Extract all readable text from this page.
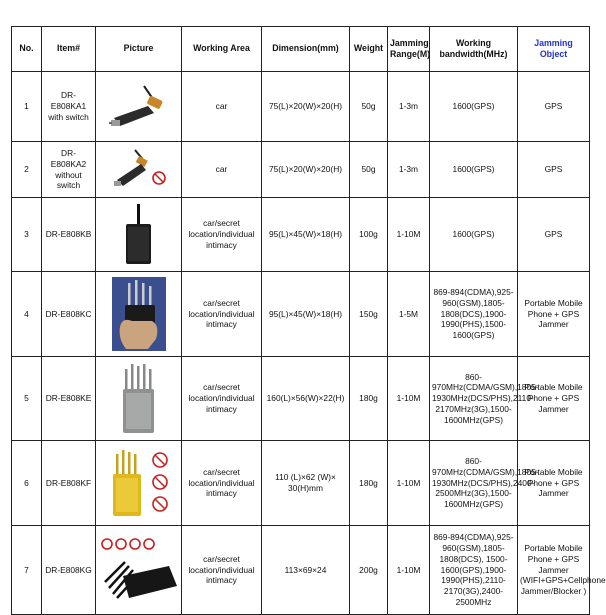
No.	Item#	Picture	Working Area	Dimension(mm)	Weight	Jamming Range(M)	Working bandwidth(MHz)	Jamming Object
1	DR-E808KA1 with switch		car	75(L)×20(W)×20(H)	50g	1-3m	1600(GPS)	GPS
2	DR-E808KA2 without switch		car	75(L)×20(W)×20(H)	50g	1-3m	1600(GPS)	GPS
3	DR-E808KB		car/secret location/individual intimacy	95(L)×45(W)×18(H)	100g	1-10M	1600(GPS)	GPS
4	DR-E808KC		car/secret location/individual intimacy	95(L)×45(W)×18(H)	150g	1-5M	869-894(CDMA),925-960(GSM),1805-1808(DCS),1900-1990(PHS),1500-1600(GPS)	Portable Mobile Phone + GPS Jammer
5	DR-E808KE		car/secret location/individual intimacy	160(L)×56(W)×22(H)	180g	1-10M	860-970MHz(CDMA/GSM),1805-1930MHz(DCS/PHS),2110-2170MHz(3G),1500-1600MHz(GPS)	Portable Mobile Phone + GPS Jammer
6	DR-E808KF		car/secret location/individual intimacy	110 (L)×62 (W)× 30(H)mm	180g	1-10M	860-970MHz(CDMA/GSM),1805-1930MHz(DCS/PHS),2400-2500MHz(3G),1500-1600MHz(GPS)	Portable Mobile Phone + GPS Jammer
7	DR-E808KG		car/secret location/individual intimacy	113×69×24	200g	1-10M	869-894(CDMA),925-960(GSM),1805-1808(DCS), 1500-1600(GPS),1900-1990(PHS),2110-2170(3G),2400-2500MHz	Portable Mobile Phone + GPS Jammer (WIFI+GPS+Cellphone Jammer/Blocker )
